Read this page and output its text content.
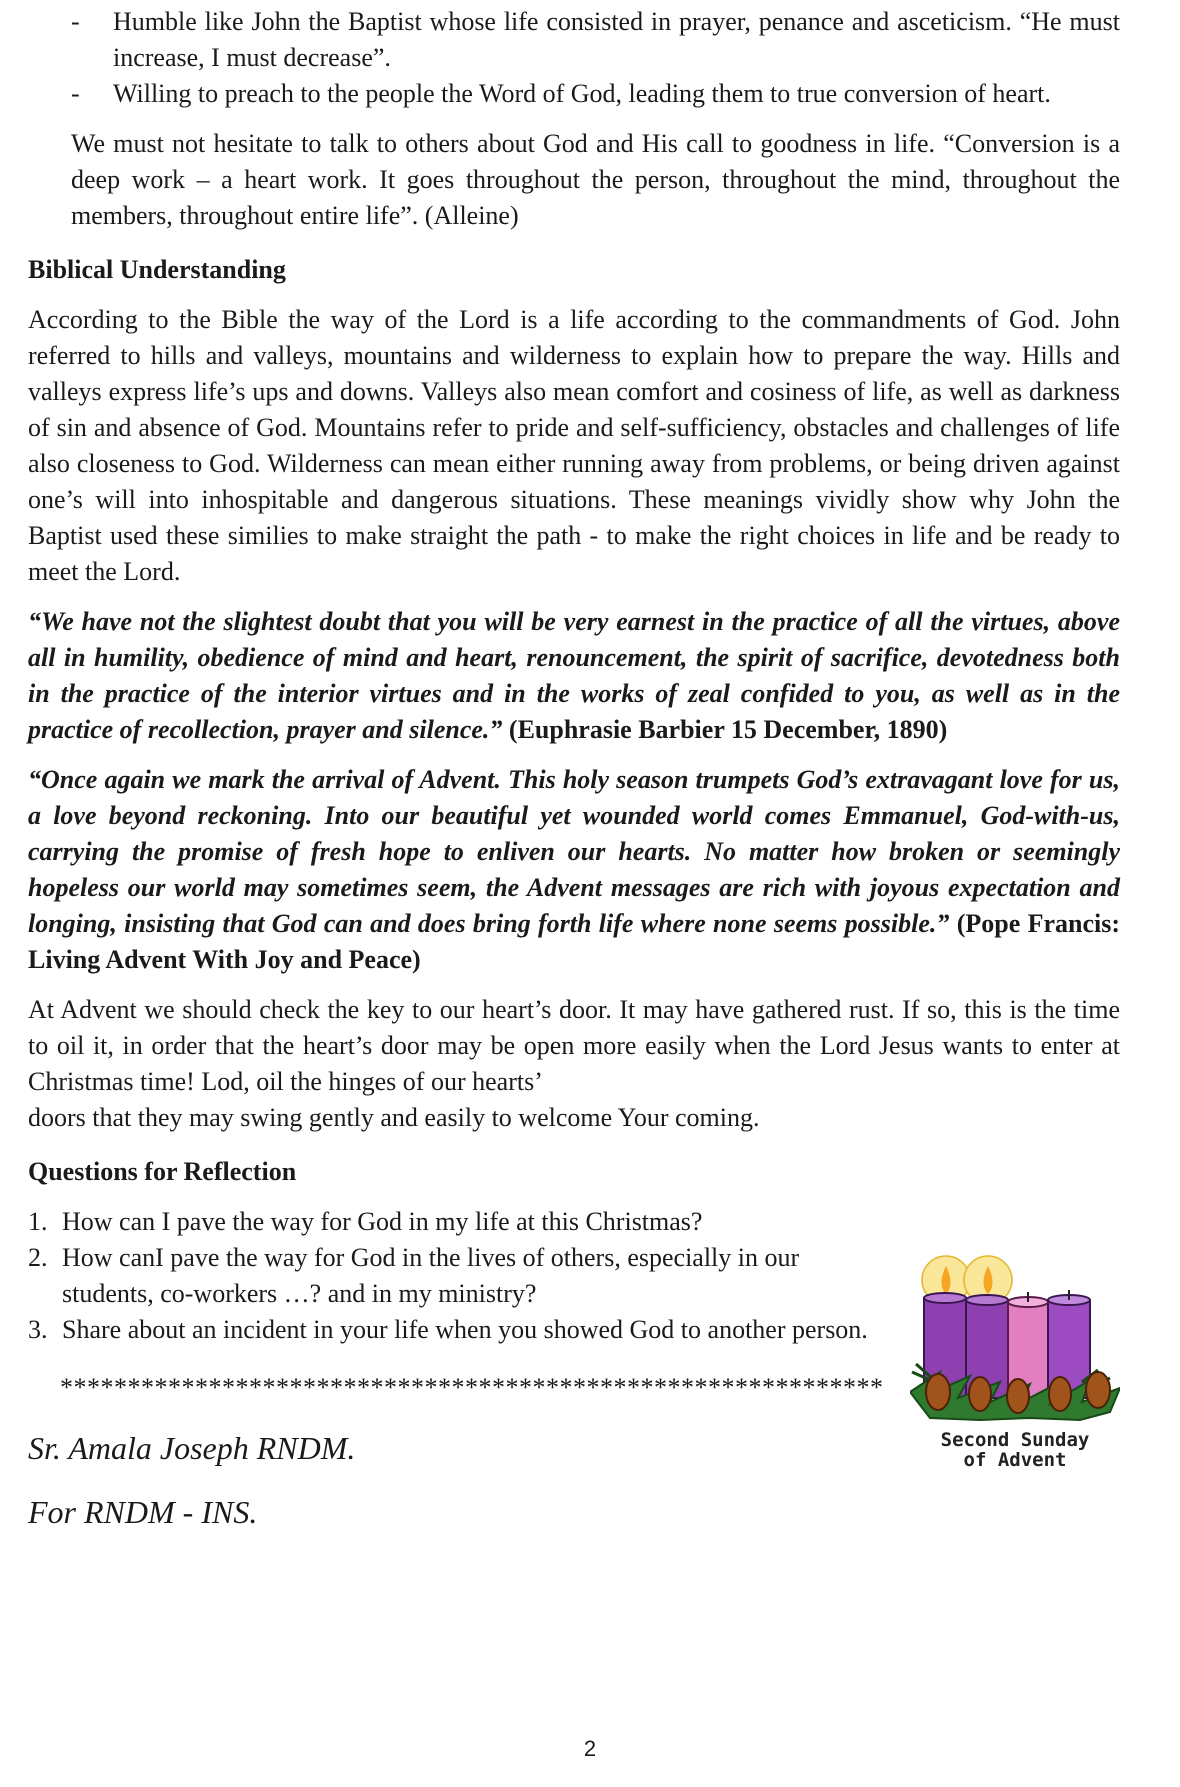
- Humble like John the Baptist whose life consisted in prayer, penance and asceticism. “He must increase, I must decrease”.
- Willing to preach to the people the Word of God, leading them to true conversion of heart.

We must not hesitate to talk to others about God and His call to goodness in life. “Conversion is a deep work – a heart work. It goes throughout the person, throughout the mind, throughout the members, throughout entire life”. (Alleine)

Biblical Understanding

According to the Bible the way of the Lord is a life according to the commandments of God. John referred to hills and valleys, mountains and wilderness to explain how to prepare the way. Hills and valleys express life’s ups and downs. Valleys also mean comfort and cosiness of life, as well as darkness of sin and absence of God. Mountains refer to pride and self-sufficiency, obstacles and challenges of life also closeness to God. Wilderness can mean either running away from problems, or being driven against one’s will into inhospitable and dangerous situations. These meanings vividly show why John the Baptist used these similies to make straight the path - to make the right choices in life and be ready to meet the Lord.

“We have not the slightest doubt that you will be very earnest in the practice of all the virtues, above all in humility, obedience of mind and heart, renouncement, the spirit of sacrifice, devotedness both in the practice of the interior virtues and in the works of zeal confided to you, as well as in the practice of recollection, prayer and silence.” (Euphrasie Barbier 15 December, 1890)

“Once again we mark the arrival of Advent. This holy season trumpets God’s extravagant love for us, a love beyond reckoning. Into our beautiful yet wounded world comes Emmanuel, God-with-us, carrying the promise of fresh hope to enliven our hearts. No matter how broken or seemingly hopeless our world may sometimes seem, the Advent messages are rich with joyous expectation and longing, insisting that God can and does bring forth life where none seems possible.” (Pope Francis: Living Advent With Joy and Peace)

At Advent we should check the key to our heart’s door. It may have gathered rust. If so, this is the time to oil it, in order that the heart’s door may be open more easily when the Lord Jesus wants to enter at Christmas time! Lod, oil the hinges of our hearts’

doors that they may swing gently and easily to welcome Your coming.

Questions for Reflection
1. How can I pave the way for God in my life at this Christmas?
2. How canI pave the way for God in the lives of others, especially in our students, co-workers …? and in my ministry?
3. Share about an incident in your life when you showed God to another person.
*************************************************************
Sr. Amala Joseph RNDM.
For RNDM - INS.
Second Sunday
of Advent
2
